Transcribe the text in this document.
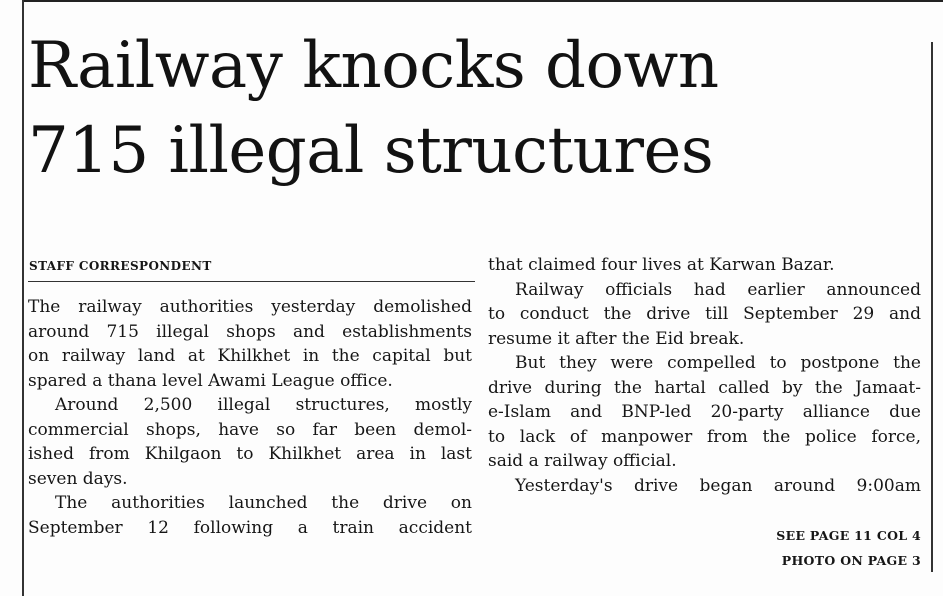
Railway knocks down
715 illegal structures
STAFF CORRESPONDENT
The railway authorities yesterday demolished
around 715 illegal shops and establishments
on railway land at Khilkhet in the capital but
spared a thana level Awami League office.
Around 2,500 illegal structures, mostly
commercial shops, have so far been demol-
ished from Khilgaon to Khilkhet area in last
seven days.
The authorities launched the drive on
September 12 following a train accident
that claimed four lives at Karwan Bazar.
Railway officials had earlier announced
to conduct the drive till September 29 and
resume it after the Eid break.
But they were compelled to postpone the
drive during the hartal called by the Jamaat-
e-Islam and BNP-led 20-party alliance due
to lack of manpower from the police force,
said a railway official.
Yesterday's drive began around 9:00am
SEE PAGE 11 COL 4
PHOTO ON PAGE 3
